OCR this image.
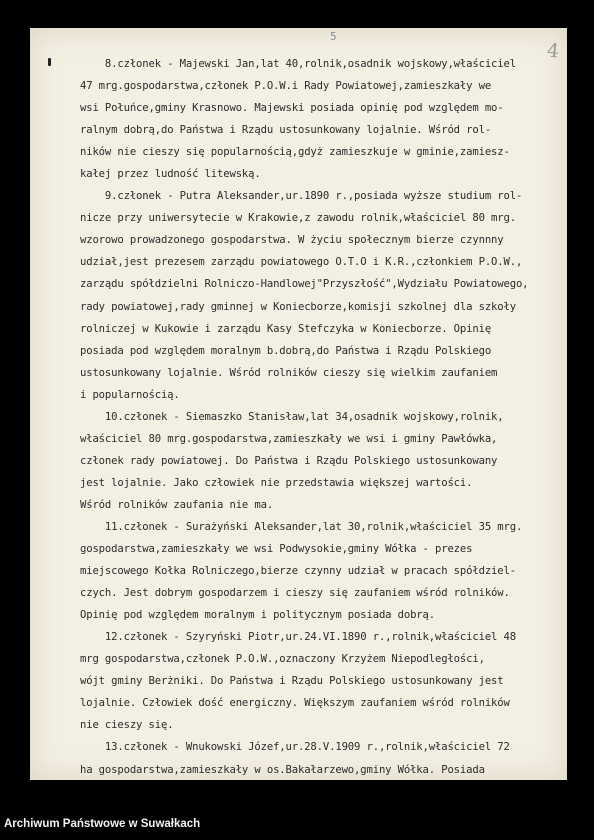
5
4
8.członek - Majewski Jan,lat 40,rolnik,osadnik wojskowy,właściciel
47 mrg.gospodarstwa,członek P.O.W.i Rady Powiatowej,zamieszkały we
wsi Połuńce,gminy Krasnowo. Majewski posiada opinię pod względem mo-
ralnym dobrą,do Państwa i Rządu ustosunkowany lojalnie. Wśród rol-
ników nie cieszy się popularnością,gdyż zamieszkuje w gminie,zamiesz-
kałej przez ludność litewską.
9.członek - Putra Aleksander,ur.1890 r.,posiada wyższe studium rol-
nicze przy uniwersytecie w Krakowie,z zawodu rolnik,właściciel 80 mrg.
wzorowo prowadzonego gospodarstwa. W życiu społecznym bierze czynnny
udział,jest prezesem zarządu powiatowego O.T.O i K.R.,członkiem P.O.W.,
zarządu spółdzielni Rolniczo-Handlowej"Przyszłość",Wydziału Powiatowego,
rady powiatowej,rady gminnej w Koniecborze,komisji szkolnej dla szkoły
rolniczej w Kukowie i zarządu Kasy Stefczyka w Koniecborze. Opinię
posiada pod względem moralnym b.dobrą,do Państwa i Rządu Polskiego
ustosunkowany lojalnie. Wśród rolników cieszy się wielkim zaufaniem
i popularnością.
10.członek - Siemaszko Stanisław,lat 34,osadnik wojskowy,rolnik,
właściciel 80 mrg.gospodarstwa,zamieszkały we wsi i gminy Pawłówka,
członek rady powiatowej. Do Państwa i Rządu Polskiego ustosunkowany
jest lojalnie. Jako człowiek nie przedstawia większej wartości.
Wśród rolników zaufania nie ma.
11.członek - Surażyński Aleksander,lat 30,rolnik,właściciel 35 mrg.
gospodarstwa,zamieszkały we wsi Podwysokie,gminy Wółka - prezes
miejscowego Kołka Rolniczego,bierze czynny udział w pracach spółdziel-
czych. Jest dobrym gospodarzem i cieszy się zaufaniem wśród rolników.
Opinię pod względem moralnym i politycznym posiada dobrą.
12.członek - Szyryński Piotr,ur.24.VI.1890 r.,rolnik,właściciel 48
mrg gospodarstwa,członek P.O.W.,oznaczony Krzyżem Niepodległości,
wójt gminy Berżniki. Do Państwa i Rządu Polskiego ustosunkowany jest
lojalnie. Człowiek dość energiczny. Większym zaufaniem wśród rolników
nie cieszy się.
13.członek - Wnukowski Józef,ur.28.V.1909 r.,rolnik,właściciel 72
ha gospodarstwa,zamieszkały w os.Bakałarzewo,gminy Wółka. Posiada
Archiwum Państwowe w Suwałkach
